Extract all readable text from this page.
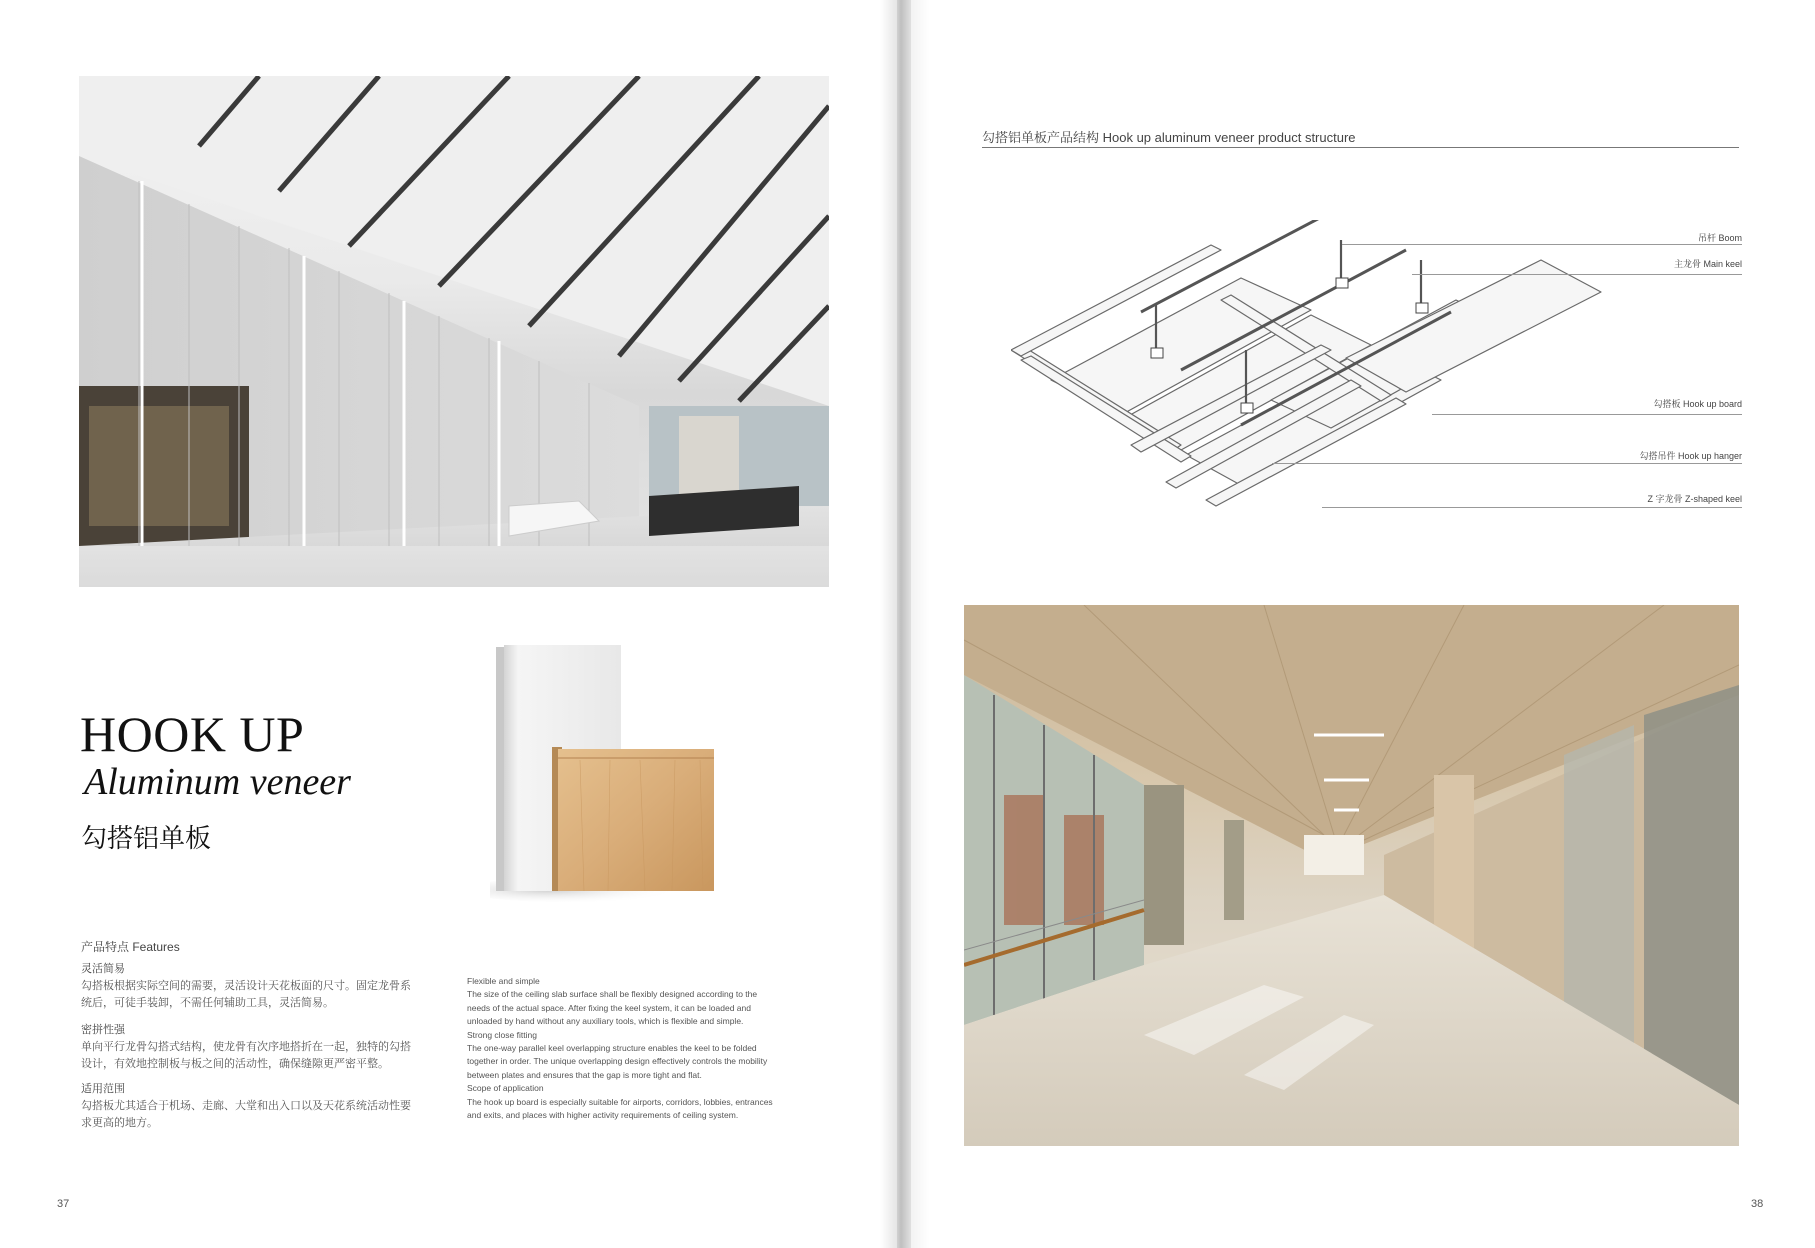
HOOK UP
Aluminum veneer
勾搭铝单板
产品特点 Features
灵活简易
勾搭板根据实际空间的需要，灵活设计天花板面的尺寸。固定龙骨系
统后，可徒手装卸，不需任何辅助工具，灵活简易。
密拼性强
单向平行龙骨勾搭式结构，使龙骨有次序地搭折在一起，独特的勾搭
设计，有效地控制板与板之间的活动性，确保缝隙更严密平整。
适用范围
勾搭板尤其适合于机场、走廊、大堂和出入口以及天花系统活动性要
求更高的地方。
Flexible and simple
The size of the ceiling slab surface shall be flexibly designed according to the
needs of the actual space. After fixing the keel system, it can be loaded and
unloaded by hand without any auxiliary tools, which is flexible and simple.
Strong close fitting
The one-way parallel keel overlapping structure enables the keel to be folded
together in order. The unique overlapping design effectively controls the mobility
between plates and ensures that the gap is more tight and flat.
Scope of application
The hook up board is especially suitable for airports, corridors, lobbies, entrances
and exits, and places with higher activity requirements of ceiling system.
37
勾搭铝单板产品结构 Hook up aluminum veneer product structure
吊杆 Boom
主龙骨 Main keel
勾搭板 Hook up board
勾搭吊件 Hook up hanger
Z 字龙骨 Z-shaped keel
38
